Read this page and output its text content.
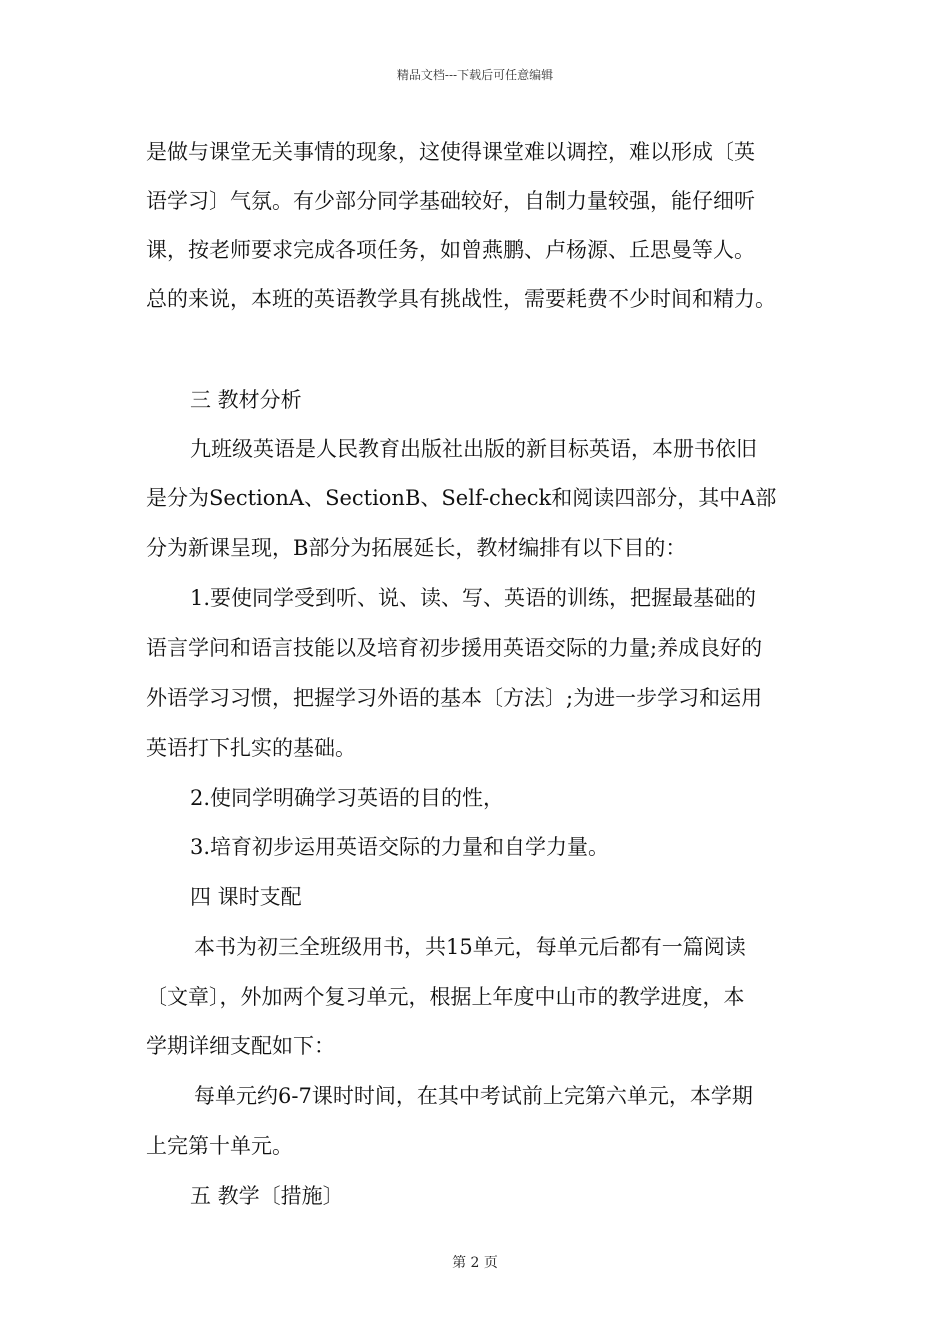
精品文档---下载后可任意编辑
是做与课堂无关事情的现象，这使得课堂难以调控，难以形成〔英
语学习〕气氛。有少部分同学基础较好，自制力量较强，能仔细听
课，按老师要求完成各项任务，如曾燕鹏、卢杨源、丘思曼等人。
总的来说，本班的英语教学具有挑战性，需要耗费不少时间和精力。
三 教材分析
九班级英语是人民教育出版社出版的新目标英语，本册书依旧
是分为SectionA、SectionB、Self-check和阅读四部分，其中A部
分为新课呈现，B部分为拓展延长，教材编排有以下目的：
1.要使同学受到听、说、读、写、英语的训练，把握最基础的
语言学问和语言技能以及培育初步援用英语交际的力量;养成良好的
外语学习习惯，把握学习外语的基本〔方法〕;为进一步学习和运用
英语打下扎实的基础。
2.使同学明确学习英语的目的性，
3.培育初步运用英语交际的力量和自学力量。
四 课时支配
本书为初三全班级用书，共15单元，每单元后都有一篇阅读
〔文章〕，外加两个复习单元，根据上年度中山市的教学进度，本
学期详细支配如下：
每单元约6-7课时时间，在其中考试前上完第六单元，本学期
上完第十单元。
五 教学〔措施〕
第 2 页
